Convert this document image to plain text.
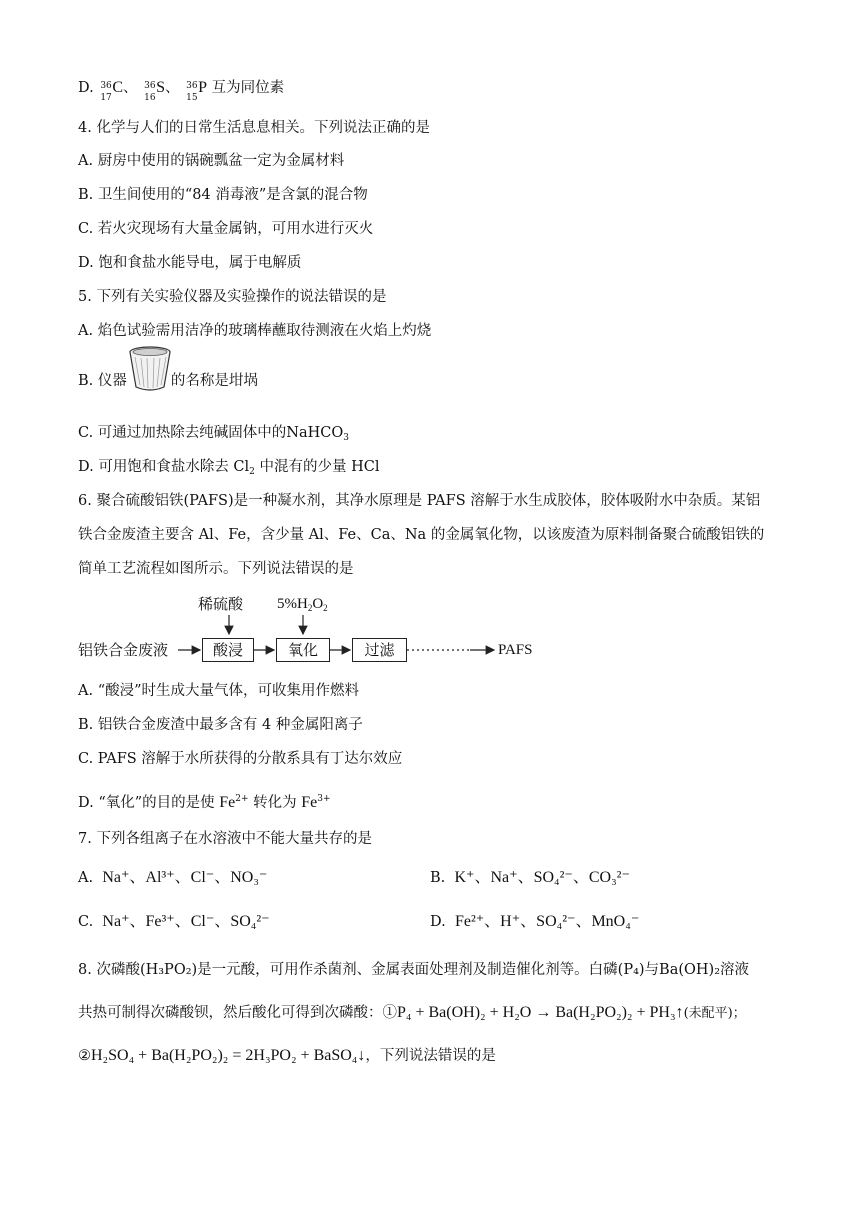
D. 36
17
C、 36
16
S、 36
15
P 互为同位素
4. 化学与人们的日常生活息息相关。下列说法正确的是
A. 厨房中使用的锅碗瓢盆一定为金属材料
B. 卫生间使用的“84 消毒液”是含氯的混合物
C. 若火灾现场有大量金属钠，可用水进行灭火
D. 饱和食盐水能导电，属于电解质
5. 下列有关实验仪器及实验操作的说法错误的是
A. 焰色试验需用洁净的玻璃棒蘸取待测液在火焰上灼烧
B. 仪器	的名称是坩埚
C. 可通过加热除去纯碱固体中的NaHCO$_3$
D. 可用饱和食盐水除去 $Cl_2$ 中混有的少量 HCl
6. 聚合硫酸铝铁(PAFS)是一种凝水剂，其净水原理是 PAFS 溶解于水生成胶体，胶体吸附水中杂质。某铝
铁合金废渣主要含 Al、Fe，含少量 Al、Fe、Ca、Na 的金属氧化物，以该废渣为原料制备聚合硫酸铝铁的
简单工艺流程如图所示。下列说法错误的是
稀硫酸 $5\%H_2O_2$
铝铁合金废液	酸浸	氧化	过滤	PAFS
A. “酸浸”时生成大量气体，可收集用作燃料
B. 铝铁合金废渣中最多含有 4 种金属阳离子
C. PAFS 溶解于水所获得的分散系具有丁达尔效应
D. “氧化”的目的是使 $Fe^{2+}$ 转化为 $Fe^{3+}$
7. 下列各组离子在水溶液中不能大量共存的是
A. Na⁺、Al³⁺、Cl⁻、NO₃⁻	B. K⁺、Na⁺、SO₄²⁻、CO₃²⁻
C. Na⁺、Fe³⁺、Cl⁻、SO₄²⁻	D. Fe²⁺、H⁺、SO₄²⁻、MnO₄⁻
8. 次磷酸(H₃PO₂)是一元酸，可用作杀菌剂、金属表面处理剂及制造催化剂等。白磷(P₄)与Ba(OH)₂溶液
共热可制得次磷酸钡，然后酸化可得到次磷酸：①P₄ + Ba(OH)₂ + H₂O → Ba(H₂PO₂)₂ + PH₃↑(未配平)；
②H₂SO₄ + Ba(H₂PO₂)₂ = 2H₃PO₂ + BaSO₄↓，下列说法错误的是
